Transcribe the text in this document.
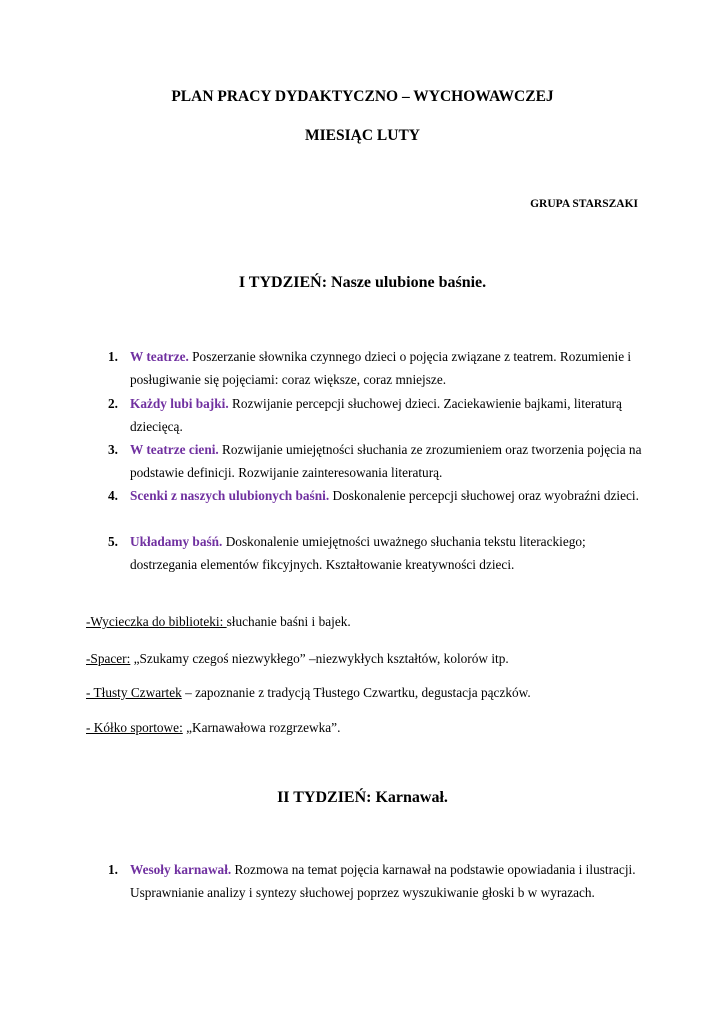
PLAN PRACY DYDAKTYCZNO – WYCHOWAWCZEJ
MIESIĄC LUTY
GRUPA STARSZAKI
I TYDZIEŃ: Nasze ulubione baśnie.
1. W teatrze. Poszerzanie słownika czynnego dzieci o pojęcia związane z teatrem. Rozumienie i posługiwanie się pojęciami: coraz większe, coraz mniejsze.
2. Każdy lubi bajki. Rozwijanie percepcji słuchowej dzieci. Zaciekawienie bajkami, literaturą dziecięcą.
3. W teatrze cieni. Rozwijanie umiejętności słuchania ze zrozumieniem oraz tworzenia pojęcia na podstawie definicji. Rozwijanie zainteresowania literaturą.
4. Scenki z naszych ulubionych baśni. Doskonalenie percepcji słuchowej oraz wyobraźni dzieci.
5. Układamy baśń. Doskonalenie umiejętności uważnego słuchania tekstu literackiego; dostrzegania elementów fikcyjnych. Kształtowanie kreatywności dzieci.
-Wycieczka do biblioteki: słuchanie baśni i bajek.
-Spacer: „Szukamy czegoś niezwykłego” –niezwykłych kształtów, kolorów itp.
- Tłusty Czwartek – zapoznanie z tradycją Tłustego Czwartku, degustacja pączków.
- Kółko sportowe: „Karnawałowa rozgrzewka”.
II TYDZIEŃ: Karnawał.
1. Wesoły karnawał. Rozmowa na temat pojęcia karnawał na podstawie opowiadania i ilustracji. Usprawnianie analizy i syntezy słuchowej poprzez wyszukiwanie głoski b w wyrazach.
